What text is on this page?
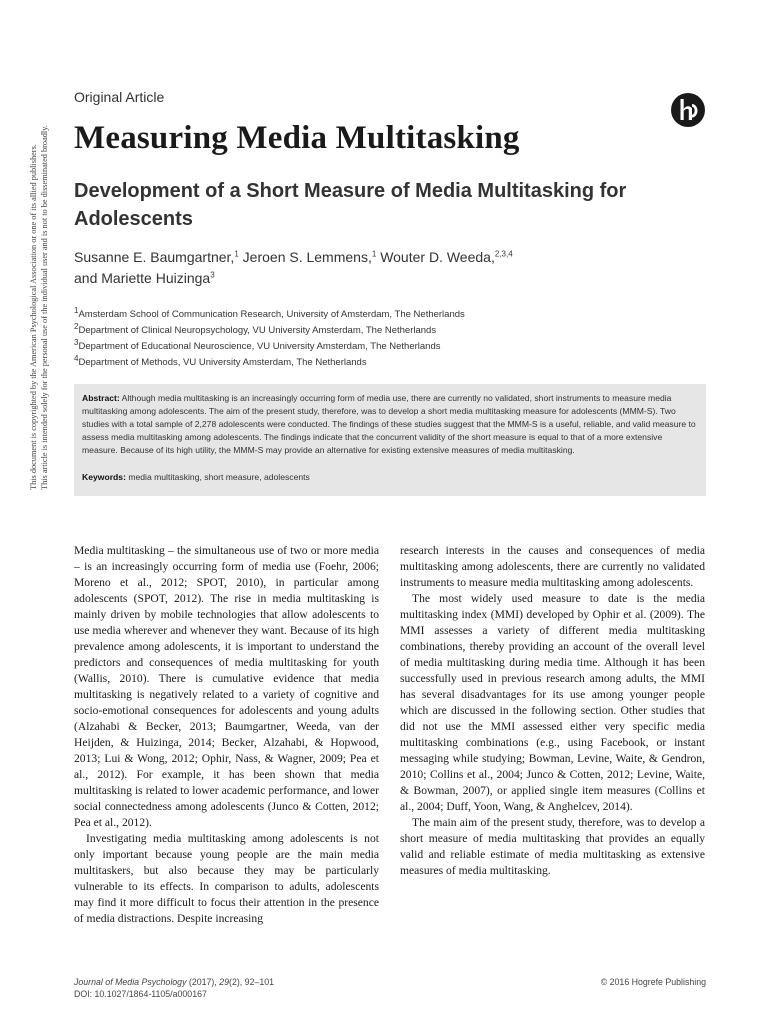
Original Article
Measuring Media Multitasking
Development of a Short Measure of Media Multitasking for Adolescents
Susanne E. Baumgartner,$^1$ Jeroen S. Lemmens,$^1$ Wouter D. Weeda,$^{2,3,4}$
and Mariette Huizinga$^3$
$^1$Amsterdam School of Communication Research, University of Amsterdam, The Netherlands
$^2$Department of Clinical Neuropsychology, VU University Amsterdam, The Netherlands
$^3$Department of Educational Neuroscience, VU University Amsterdam, The Netherlands
$^4$Department of Methods, VU University Amsterdam, The Netherlands

Abstract: Although media multitasking is an increasingly occurring form of media use, there are currently no validated, short instruments to measure media multitasking among adolescents. The aim of the present study, therefore, was to develop a short media multitasking measure for adolescents (MMM-S). Two studies with a total sample of 2,278 adolescents were conducted. The findings of these studies suggest that the MMM-S is a useful, reliable, and valid measure to assess media multitasking among adolescents. The findings indicate that the concurrent validity of the short measure is equal to that of a more extensive measure. Because of its high utility, the MMM-S may provide an alternative for existing extensive measures of media multitasking.

Keywords: media multitasking, short measure, adolescents

This document is copyrighted by the American Psychological Association or one of its allied publishers. This article is intended solely for the personal use of the individual user and is not to be disseminated broadly.

Media multitasking – the simultaneous use of two or more media – is an increasingly occurring form of media use (Foehr, 2006; Moreno et al., 2012; SPOT, 2010), in particular among adolescents (SPOT, 2012). The rise in media multitasking is mainly driven by mobile technologies that allow adolescents to use media wherever and whenever they want. Because of its high prevalence among adolescents, it is important to understand the predictors and consequences of media multitasking for youth (Wallis, 2010). There is cumulative evidence that media multitasking is negatively related to a variety of cognitive and socio-emotional consequences for adolescents and young adults (Alzahabi & Becker, 2013; Baumgartner, Weeda, van der Heijden, & Huizinga, 2014; Becker, Alzahabi, & Hopwood, 2013; Lui & Wong, 2012; Ophir, Nass, & Wagner, 2009; Pea et al., 2012). For example, it has been shown that media multitasking is related to lower academic performance, and lower social connectedness among adolescents (Junco & Cotten, 2012; Pea et al., 2012).

Investigating media multitasking among adolescents is not only important because young people are the main media multitaskers, but also because they may be particularly vulnerable to its effects. In comparison to adults, adolescents may find it more difficult to focus their attention in the presence of media distractions. Despite increasing

research interests in the causes and consequences of media multitasking among adolescents, there are currently no validated instruments to measure media multitasking among adolescents.

The most widely used measure to date is the media multitasking index (MMI) developed by Ophir et al. (2009). The MMI assesses a variety of different media multitasking combinations, thereby providing an account of the overall level of media multitasking during media time. Although it has been successfully used in previous research among adults, the MMI has several disadvantages for its use among younger people which are discussed in the following section. Other studies that did not use the MMI assessed either very specific media multitasking combinations (e.g., using Facebook, or instant messaging while studying; Bowman, Levine, Waite, & Gendron, 2010; Collins et al., 2004; Junco & Cotten, 2012; Levine, Waite, & Bowman, 2007), or applied single item measures (Collins et al., 2004; Duff, Yoon, Wang, & Anghelcev, 2014).

The main aim of the present study, therefore, was to develop a short measure of media multitasking that provides an equally valid and reliable estimate of media multitasking as extensive measures of media multitasking.

Journal of Media Psychology (2017), 29(2), 92–101
DOI: 10.1027/1864-1105/a000167
© 2016 Hogrefe Publishing
